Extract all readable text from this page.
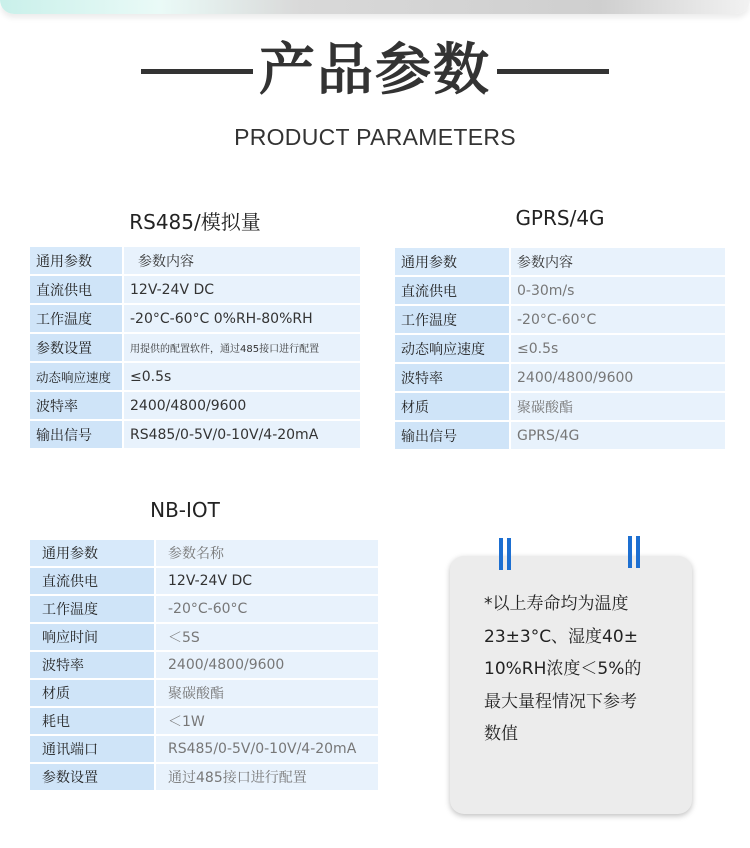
产品参数
PRODUCT PARAMETERS
RS485/模拟量
通用参数	参数内容
直流供电	12V-24V DC
工作温度	-20°C-60°C 0%RH-80%RH
参数设置	用提供的配置软件，通过485接口进行配置
动态响应速度	≤0.5s
波特率	2400/4800/9600
输出信号	RS485/0-5V/0-10V/4-20mA
GPRS/4G
通用参数	参数内容
直流供电	0-30m/s
工作温度	-20°C-60°C
动态响应速度	≤0.5s
波特率	2400/4800/9600
材质	聚碳酸酯
输出信号	GPRS/4G
NB-IOT
通用参数	参数名称
直流供电	12V-24V DC
工作温度	-20°C-60°C
响应时间	＜5S
波特率	2400/4800/9600
材质	聚碳酸酯
耗电	＜1W
通讯端口	RS485/0-5V/0-10V/4-20mA
参数设置	通过485接口进行配置
*以上寿命均为温度
23±3°C、湿度40±
10%RH浓度＜5%的
最大量程情况下参考
数值
